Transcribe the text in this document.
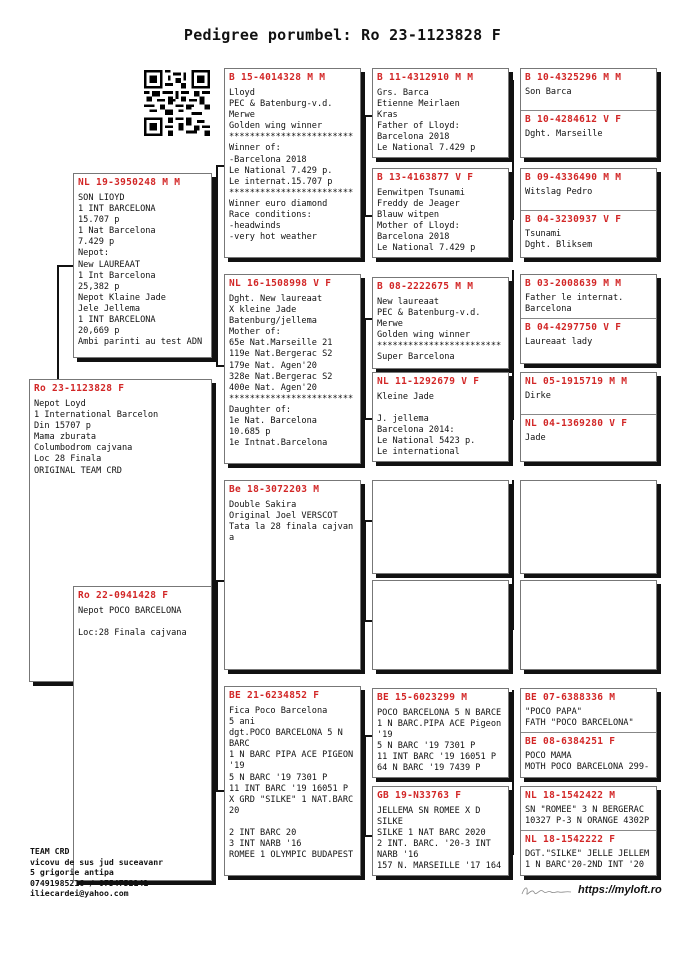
Pedigree porumbel: Ro 23-1123828 F
Ro 23-1123828 F
Nepot Loyd
1 International Barcelon
Din 15707 p
Mama zburata
Columbodrom cajvana
Loc 28 Finala
ORIGINAL TEAM CRD
NL 19-3950248 M M
SON LIOYD
1 INT BARCELONA
15.707 p
1 Nat Barcelona
7.429 p
Nepot:
New LAUREAAT
1 Int Barcelona
25,382 p
Nepot Klaine Jade
Jele Jellema
1 INT BARCELONA
20,669 p
Ambi parinti au test ADN
Ro 22-0941428 F
Nepot POCO BARCELONA

Loc:28 Finala cajvana
B 15-4014328 M M
Lloyd
PEC & Batenburg-v.d.
Merwe
Golden wing winner
************************
Winner of:
-Barcelona 2018
Le National 7.429 p.
Le internat.15.707 p
************************
Winner euro diamond
Race conditions:
-headwinds
-very hot weather
NL 16-1508998 V F
Dght. New laureaat
X kleine Jade
Batenburg/jellema
Mother of:
65e Nat.Marseille 21
119e Nat.Bergerac S2
179e Nat. Agen'20
328e Nat.Bergerac S2
400e Nat. Agen'20
************************
Daughter of:
1e Nat. Barcelona
10.685 p
1e Intnat.Barcelona
Be 18-3072203 M
Double Sakira
Original Joel VERSCOT
Tata la 28 finala cajvan
a
BE 21-6234852 F
Fica Poco Barcelona
5 ani
dgt.POCO BARCELONA 5 N
BARC
1 N BARC PIPA ACE PIGEON
'19
5 N BARC '19 7301 P
11 INT BARC '19 16051 P
X GRD "SILKE" 1 NAT.BARC
20

2 INT BARC 20
3 INT NARB '16
ROMEE 1 OLYMPIC BUDAPEST
B 11-4312910 M M
Grs. Barca
Etienne Meirlaen
Kras
Father of Lloyd:
Barcelona 2018
Le National 7.429 p
B 13-4163877 V F
Eenwitpen Tsunami
Freddy de Jeager
Blauw witpen
Mother of Lloyd:
Barcelona 2018
Le National 7.429 p
B 08-2222675 M M
New laureaat
PEC & Batenburg-v.d.
Merwe
Golden wing winner
************************
Super Barcelona
NL 11-1292679 V F
Kleine Jade

J. jellema
Barcelona 2014:
Le National 5423 p.
Le international
BE 15-6023299 M
POCO BARCELONA 5 N BARCE
1 N BARC.PIPA ACE Pigeon
'19
5 N BARC '19 7301 P
11 INT BARC '19 16051 P
64 N BARC '19 7439 P
GB 19-N33763 F
JELLEMA SN ROMEE X D
SILKE
SILKE 1 NAT BARC 2020
2 INT. BARC. '20-3 INT
NARB '16
157 N. MARSEILLE '17 164
B 10-4325296 M M
Son Barca
B 10-4284612 V F
Dght. Marseille
B 09-4336490 M M
Witslag Pedro
B 04-3230937 V F
Tsunami
Dght. Bliksem
B 03-2008639 M M
Father le internat.
Barcelona
B 04-4297750 V F
Laureaat lady
NL 05-1915719 M M
Dirke
NL 04-1369280 V F
Jade
BE 07-6388336 M
"POCO PAPA"
FATH "POCO BARCELONA"
BE 08-6384251 F
POCO MAMA
MOTH POCO BARCELONA 299-
NL 18-1542422 M
SN "ROMEE" 3 N BERGERAC
10327 P-3 N ORANGE 4302P
NL 18-1542222 F
DGT."SILKE" JELLE JELLEM
1 N BARC'20-2ND INT '20
TEAM CRD
vicovu de sus jud suceavanr
5 grigorie antipa
07491985216 / 0754752141
iliecardei@yahoo.com	https://myloft.ro
